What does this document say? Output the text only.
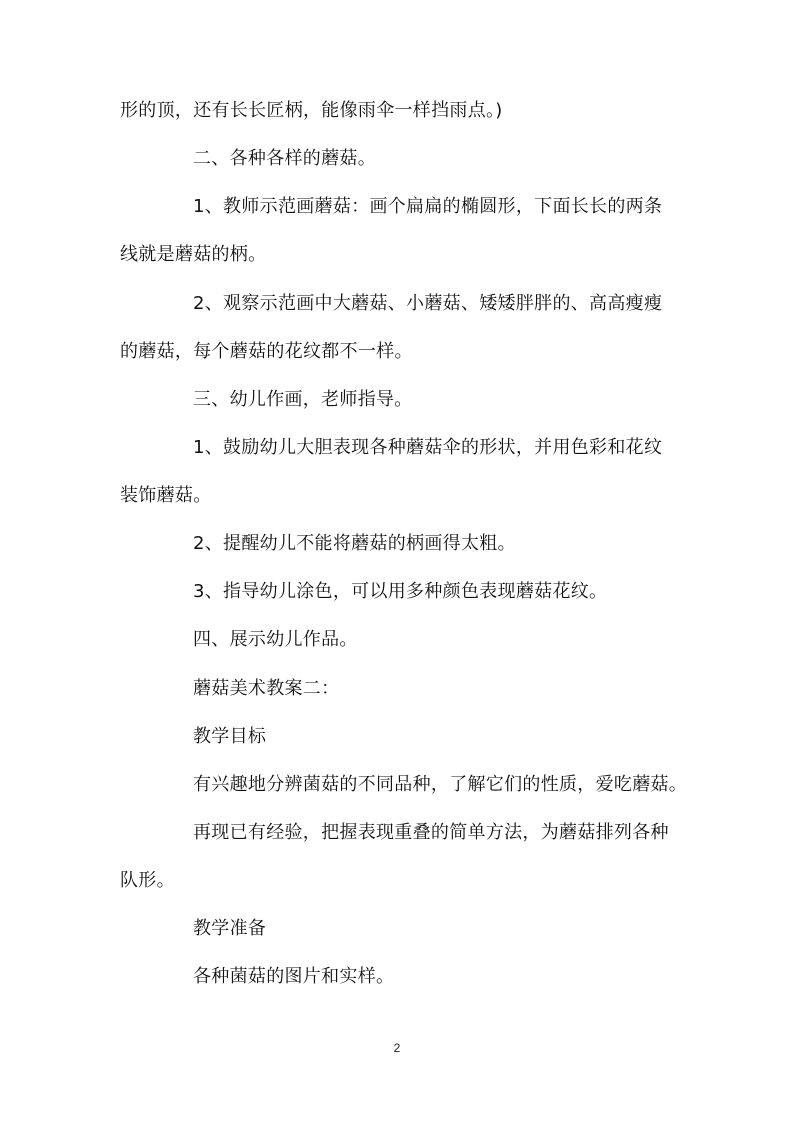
形的顶，还有长长匠柄，能像雨伞一样挡雨点。)
二、各种各样的蘑菇。
1、教师示范画蘑菇：画个扁扁的椭圆形，下面长长的两条
线就是蘑菇的柄。
2、观察示范画中大蘑菇、小蘑菇、矮矮胖胖的、高高瘦瘦
的蘑菇，每个蘑菇的花纹都不一样。
三、幼儿作画，老师指导。
1、鼓励幼儿大胆表现各种蘑菇伞的形状，并用色彩和花纹
装饰蘑菇。
2、提醒幼儿不能将蘑菇的柄画得太粗。
3、指导幼儿涂色，可以用多种颜色表现蘑菇花纹。
四、展示幼儿作品。
蘑菇美术教案二：
教学目标
有兴趣地分辨菌菇的不同品种，了解它们的性质，爱吃蘑菇。
再现已有经验，把握表现重叠的简单方法，为蘑菇排列各种
队形。
教学准备
各种菌菇的图片和实样。
2
